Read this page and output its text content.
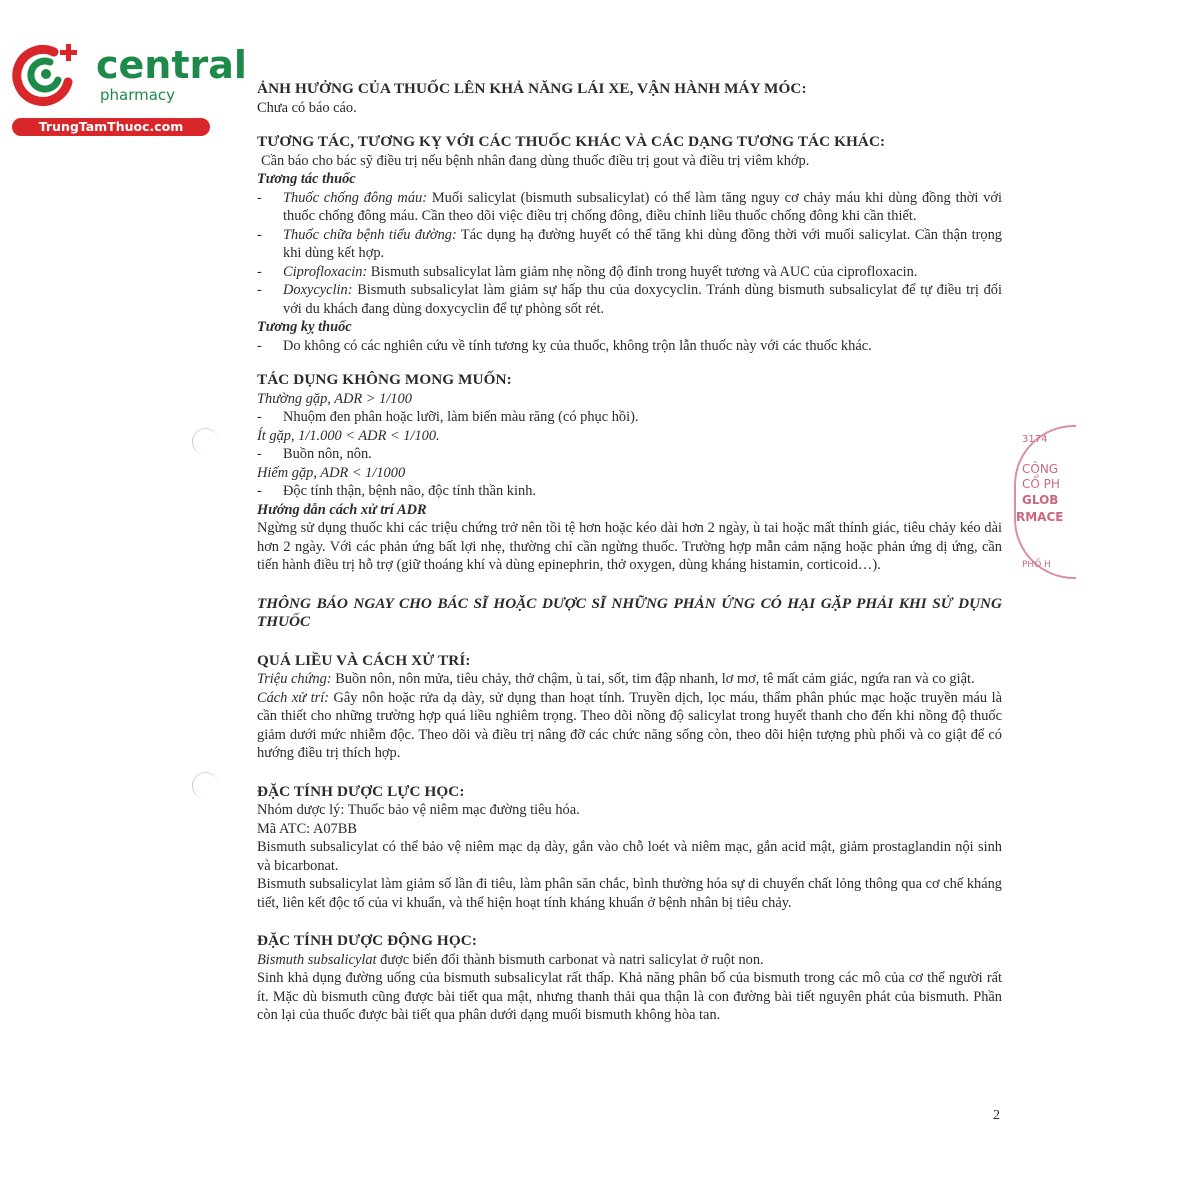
central
pharmacy
TrungTamThuoc.com
3174
CÔNG
CỔ PH
GLOB
RMACE
PHỐ H

ẢNH HƯỞNG CỦA THUỐC LÊN KHẢ NĂNG LÁI XE, VẬN HÀNH MÁY MÓC:

Chưa có báo cáo.

TƯƠNG TÁC, TƯƠNG KỴ VỚI CÁC THUỐC KHÁC VÀ CÁC DẠNG TƯƠNG TÁC KHÁC:

Cần báo cho bác sỹ điều trị nếu bệnh nhân đang dùng thuốc điều trị gout và điều trị viêm khớp.

Tương tác thuốc

- Thuốc chống đông máu: Muối salicylat (bismuth subsalicylat) có thể làm tăng nguy cơ chảy máu khi dùng đồng thời với thuốc chống đông máu. Cần theo dõi việc điều trị chống đông, điều chỉnh liều thuốc chống đông khi cần thiết.

- Thuốc chữa bệnh tiểu đường: Tác dụng hạ đường huyết có thể tăng khi dùng đồng thời với muối salicylat. Cần thận trọng khi dùng kết hợp.

- Ciprofloxacin: Bismuth subsalicylat làm giảm nhẹ nồng độ đỉnh trong huyết tương và AUC của ciprofloxacin.

- Doxycyclin: Bismuth subsalicylat làm giảm sự hấp thu của doxycyclin. Tránh dùng bismuth subsalicylat để tự điều trị đối với du khách đang dùng doxycyclin để tự phòng sốt rét.

Tương kỵ thuốc

- Do không có các nghiên cứu về tính tương kỵ của thuốc, không trộn lẫn thuốc này với các thuốc khác.

TÁC DỤNG KHÔNG MONG MUỐN:

Thường gặp, ADR > 1/100

- Nhuộm đen phân hoặc lưỡi, làm biến màu răng (có phục hồi).

Ít gặp, 1/1.000 < ADR < 1/100.

- Buồn nôn, nôn.

Hiếm gặp, ADR < 1/1000

- Độc tính thận, bệnh não, độc tính thần kinh.

Hướng dẫn cách xử trí ADR

Ngừng sử dụng thuốc khi các triệu chứng trở nên tồi tệ hơn hoặc kéo dài hơn 2 ngày, ù tai hoặc mất thính giác, tiêu chảy kéo dài hơn 2 ngày. Với các phản ứng bất lợi nhẹ, thường chỉ cần ngừng thuốc. Trường hợp mẫn cảm nặng hoặc phản ứng dị ứng, cần tiến hành điều trị hỗ trợ (giữ thoáng khí và dùng epinephrin, thở oxygen, dùng kháng histamin, corticoid…).

THÔNG BÁO NGAY CHO BÁC SĨ HOẶC DƯỢC SĨ NHỮNG PHẢN ỨNG CÓ HẠI GẶP PHẢI KHI SỬ DỤNG THUỐC

QUÁ LIỀU VÀ CÁCH XỬ TRÍ:

Triệu chứng: Buồn nôn, nôn mửa, tiêu chảy, thở chậm, ù tai, sốt, tim đập nhanh, lơ mơ, tê mất cảm giác, ngứa ran và co giật.

Cách xử trí: Gây nôn hoặc rửa dạ dày, sử dụng than hoạt tính. Truyền dịch, lọc máu, thẩm phân phúc mạc hoặc truyền máu là cần thiết cho những trường hợp quá liều nghiêm trọng. Theo dõi nồng độ salicylat trong huyết thanh cho đến khi nồng độ thuốc giảm dưới mức nhiễm độc. Theo dõi và điều trị nâng đỡ các chức năng sống còn, theo dõi hiện tượng phù phổi và co giật để có hướng điều trị thích hợp.

ĐẶC TÍNH DƯỢC LỰC HỌC:

Nhóm dược lý: Thuốc bảo vệ niêm mạc đường tiêu hóa.

Mã ATC: A07BB

Bismuth subsalicylat có thể bảo vệ niêm mạc dạ dày, gắn vào chỗ loét và niêm mạc, gắn acid mật, giảm prostaglandin nội sinh và bicarbonat.

Bismuth subsalicylat làm giảm số lần đi tiêu, làm phân săn chắc, bình thường hóa sự di chuyển chất lỏng thông qua cơ chế kháng tiết, liên kết độc tố của vi khuẩn, và thể hiện hoạt tính kháng khuẩn ở bệnh nhân bị tiêu chảy.

ĐẶC TÍNH DƯỢC ĐỘNG HỌC:

Bismuth subsalicylat được biến đổi thành bismuth carbonat và natri salicylat ở ruột non.

Sinh khả dụng đường uống của bismuth subsalicylat rất thấp. Khả năng phân bố của bismuth trong các mô của cơ thể người rất ít. Mặc dù bismuth cũng được bài tiết qua mật, nhưng thanh thải qua thận là con đường bài tiết nguyên phát của bismuth. Phần còn lại của thuốc được bài tiết qua phân dưới dạng muối bismuth không hòa tan.

2
